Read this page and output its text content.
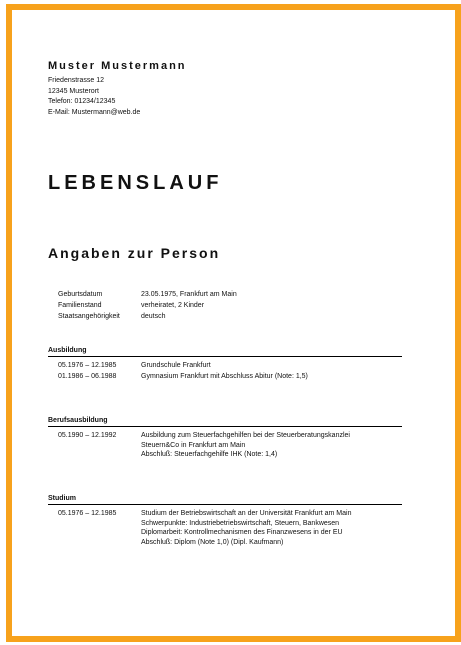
Muster Mustermann
Friedenstrasse 12
12345 Musterort
Telefon: 01234/12345
E-Mail: Mustermann@web.de
LEBENSLAUF
Angaben zur Person
Geburtsdatum	23.05.1975, Frankfurt am Main
Familienstand	verheiratet, 2 Kinder
Staatsangehörigkeit	deutsch
Ausbildung
05.1976 – 12.1985	Grundschule Frankfurt
01.1986 – 06.1988	Gymnasium Frankfurt mit Abschluss Abitur (Note: 1,5)
Berufsausbildung
05.1990 – 12.1992	Ausbildung zum Steuerfachgehilfen bei der Steuerberatungskanzlei
Steuern&Co in Frankfurt am Main
Abschluß: Steuerfachgehilfe IHK (Note: 1,4)
Studium
05.1976 – 12.1985	Studium der Betriebswirtschaft an der Universität Frankfurt am Main
Schwerpunkte: Industriebetriebswirtschaft, Steuern, Bankwesen
Diplomarbeit: Kontrollmechanismen des Finanzwesens in der EU
Abschluß: Diplom (Note 1,0) (Dipl. Kaufmann)
